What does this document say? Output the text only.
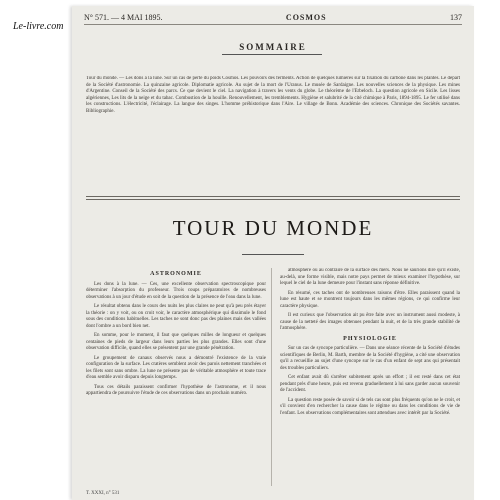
Le-livre.com
N° 571. — 4 MAI 1895.	COSMOS	137
SOMMAIRE
Tour du monde. — Les dons à la lune. Sur un cas de perte du poids Cosmos. Les pouvoirs des ferments. Action de quelques lumières sur la fixation du carbone dans les plantes. Le départ de la Société d'astronomie. La quinzaine agricole. Diplomatie agricole. Au sujet de la mort de l'Uranus. Le musée de Sardaigne. Les nouvelles sciences de la physique. Les mines d'Argentine. Conseil de la Société des parcs. Ce que devient le ciel. La navigation à travers les vents du globe. Le théorème de l'Erbeloch. La question agricole en Sicile. Les lisses algériennes, Les lits de la neige et du tabac. Combustion de la houille. Renouvellement, les tremblements. Hygiène et salubrité de la cité chimique à Paris, 1894-1895. Le fer utilisé dans les constructions. L'électricité, l'éclairage. La langue des singes. L'homme préhistorique dans l'Aire. Le village de Bonn. Académie des sciences. Chronique des Sociétés savantes. Bibliographie.
TOUR DU MONDE
ASTRONOMIE

Les dons à la lune. — Ces, une excellente observation spectroscopique pour déterminer l'absorption du professeur. Trois coups préparatoires de nombreuses observations à un jour d'étude en soit de la question de la présence de l'eau dans la lune.

Le résultat obtenu dans le cours des nuits les plus claires ne peut qu'à peu près étayer la théorie : on y voit, ou on croit voir, le caractère atmosphérique qui dissimule le fond sous des conditions habituelles. Les taches ne sont donc pas des plaines mais des vallées dont l'ombre a un bord bien net.

En somme, pour le moment, il faut que quelques milles de longueur et quelques centaines de pieds de largeur dans leurs parties les plus grandes. Elles sont d'une observation difficile, quand elles se présentent par une grande pénétration.

Le groupement de canaux observés nous a démontré l'existence de la vraie configuration de la surface. Les cratères semblent avoir des parois nettement tranchées et les filets sont sans ombre. La lune ne présente pas de véritable atmosphère et toute trace d'eau semble avoir disparu depuis longtemps.

Tous ces détails paraissent confirmer l'hypothèse de l'astronome, et il nous appartiendra de poursuivre l'étude de ces observations dans un prochain numéro.

atmosphère ou au contraire de la surface des mers. Nous ne saurions dire qu'il existe, au-delà, une forme visible, mais notre pays permet de mieux examiner l'hypothèse, sur lequel le ciel de la lune demeure pour l'instant sans réponse définitive.

En résumé, ces taches ont de nombreuses raisons d'être. Elles paraissent quand la lune est haute et se montrent toujours dans les mêmes régions, ce qui confirme leur caractère physique.

Il est curieux que l'observation ait pu être faite avec un instrument aussi modeste, à cause de la netteté des images obtenues pendant la nuit, et de la très grande stabilité de l'atmosphère.

PHYSIOLOGIE

Sur un cas de syncope particulière. — Dans une séance récente de la Société d'études scientifiques de Berlin, M. Barth, membre de la Société d'hygiène, a cité une observation qu'il a recueillie au sujet d'une syncope sur le cas d'un enfant de sept ans qui présentait des troubles particuliers.

Cet enfant avait dû s'arrêter subitement après un effort ; il est resté dans cet état pendant près d'une heure, puis est revenu graduellement à lui sans garder aucun souvenir de l'accident.

La question reste posée de savoir si de tels cas sont plus fréquents qu'on ne le croit, et s'il convient d'en rechercher la cause dans le régime ou dans les conditions de vie de l'enfant. Les observations complémentaires sont attendues avec intérêt par la Société.

T. XXXI, n° 531
